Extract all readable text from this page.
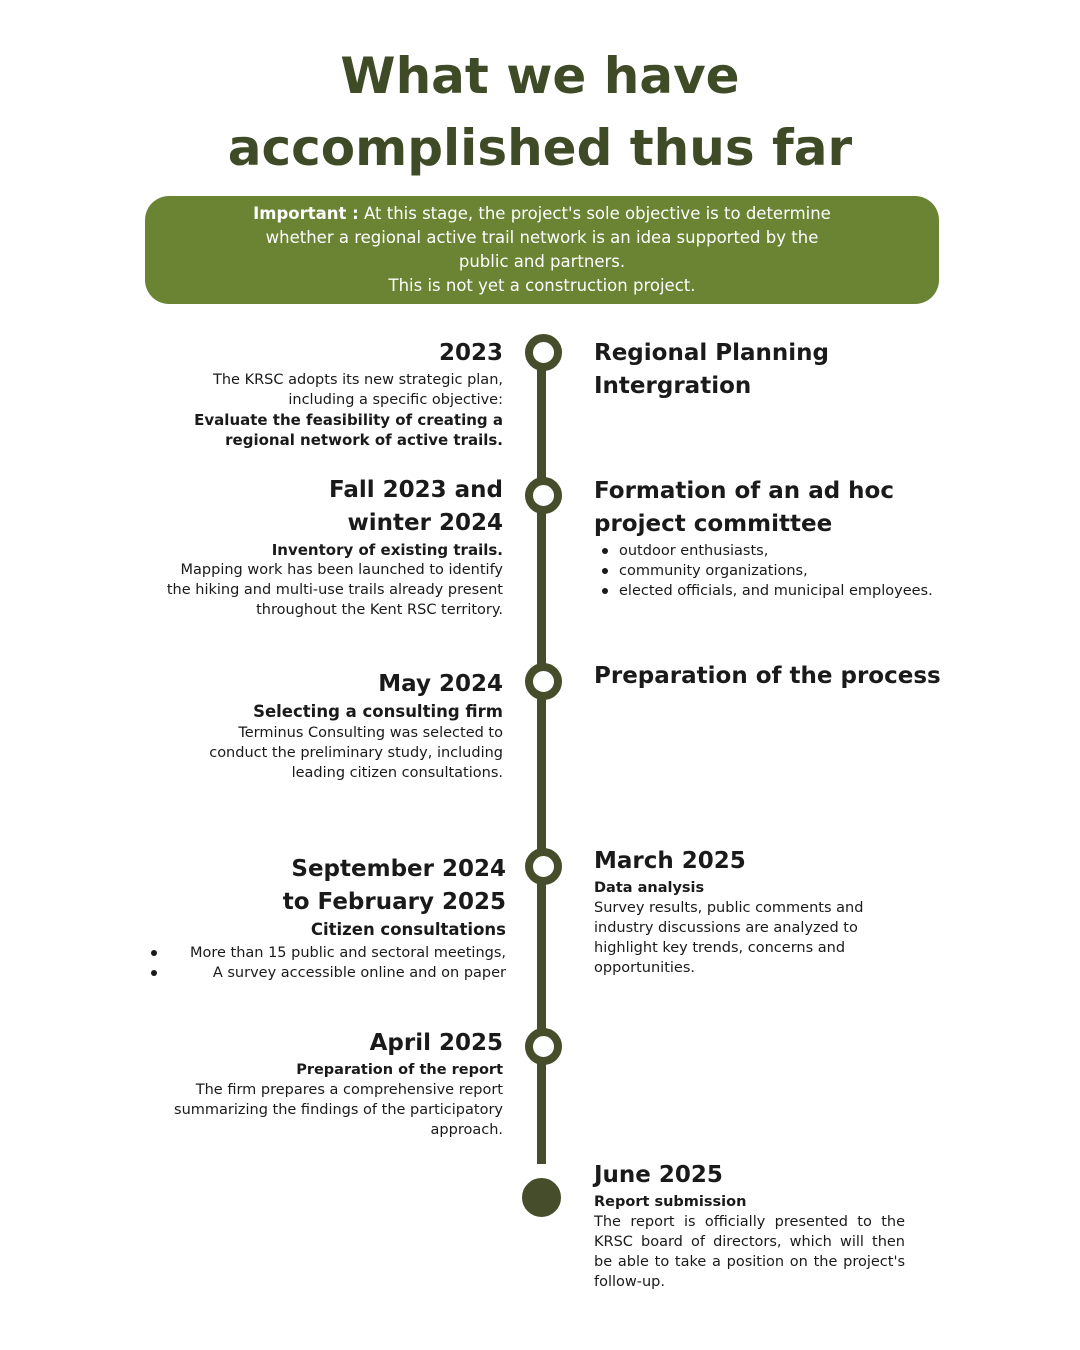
What we have
accomplished thus far
Important : At this stage, the project's sole objective is to determine
whether a regional active trail network is an idea supported by the
public and partners.
This is not yet a construction project.
2023
The KRSC adopts its new strategic plan,
including a specific objective:
Evaluate the feasibility of creating a
regional network of active trails.
Regional Planning
Intergration
Fall 2023 and
winter 2024
Inventory of existing trails.
Mapping work has been launched to identify
the hiking and multi-use trails already present
throughout the Kent RSC territory.
Formation of an ad hoc
project committee
outdoor enthusiasts,
community organizations,
elected officials, and municipal employees.
May 2024
Selecting a consulting firm
Terminus Consulting was selected to
conduct the preliminary study, including
leading citizen consultations.
Preparation of the process
September 2024
to February 2025
Citizen consultations
More than 15 public and sectoral meetings,
A survey accessible online and on paper
March 2025
Data analysis
Survey results, public comments and
industry discussions are analyzed to
highlight key trends, concerns and
opportunities.
April 2025
Preparation of the report
The firm prepares a comprehensive report
summarizing the findings of the participatory
approach.
June 2025
Report submission
The report is officially presented to the KRSC board of directors, which will then be able to take a position on the project's follow-up.
